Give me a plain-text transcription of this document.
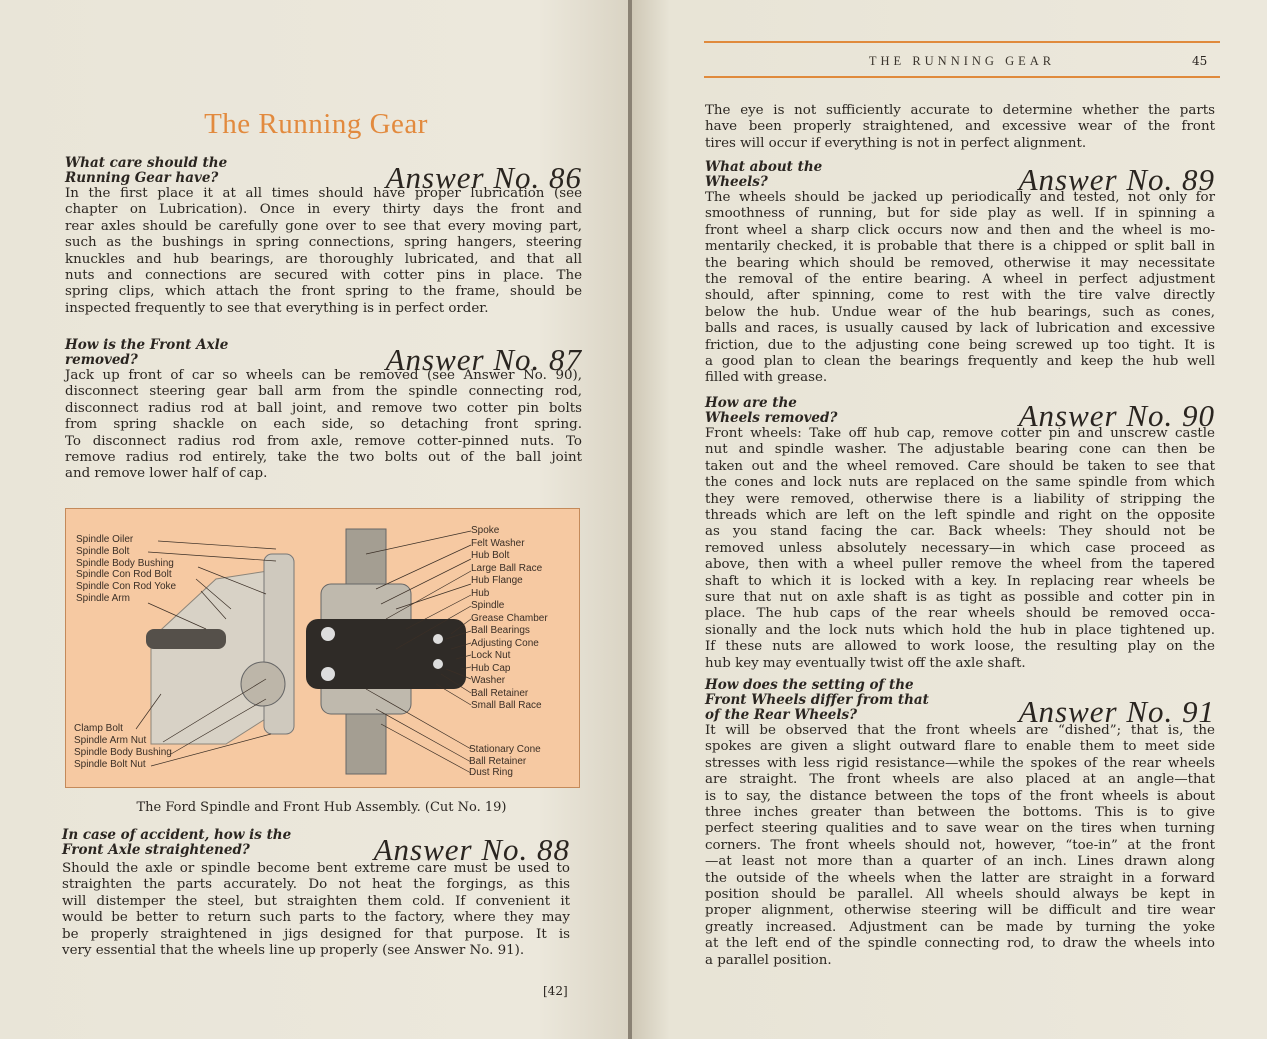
The Running Gear
What care should the
Running Gear have?	Answer No. 86
In the first place it at all times should have proper lubrication (see
chapter on Lubrication). Once in every thirty days the front and
rear axles should be carefully gone over to see that every moving part,
such as the bushings in spring connections, spring hangers, steering
knuckles and hub bearings, are thoroughly lubricated, and that all
nuts and connections are secured with cotter pins in place. The
spring clips, which attach the front spring to the frame, should be
inspected frequently to see that everything is in perfect order.
How is the Front Axle
removed?	Answer No. 87
Jack up front of car so wheels can be removed (see Answer No. 90),
disconnect steering gear ball arm from the spindle connecting rod,
disconnect radius rod at ball joint, and remove two cotter pin bolts
from spring shackle on each side, so detaching front spring.
To disconnect radius rod from axle, remove cotter-pinned nuts. To
remove radius rod entirely, take the two bolts out of the ball joint
and remove lower half of cap.
Spindle Oiler
Spindle Bolt
Spindle Body Bushing
Spindle Con Rod Bolt
Spindle Con Rod Yoke
Spindle Arm
Clamp Bolt
Spindle Arm Nut
Spindle Body Bushing
Spindle Bolt Nut
Spoke
Felt Washer
Hub Bolt
Large Ball Race
Hub Flange
Hub
Spindle
Grease Chamber
Ball Bearings
Adjusting Cone
Lock Nut
Hub Cap
Washer
Ball Retainer
Small Ball Race
Stationary Cone
Ball Retainer
Dust Ring
The Ford Spindle and Front Hub Assembly. (Cut No. 19)
In case of accident, how is the
Front Axle straightened?	Answer No. 88
Should the axle or spindle become bent extreme care must be used to
straighten the parts accurately. Do not heat the forgings, as this
will distemper the steel, but straighten them cold. If convenient it
would be better to return such parts to the factory, where they may
be properly straightened in jigs designed for that purpose. It is
very essential that the wheels line up properly (see Answer No. 91).
[42]
THE RUNNING GEAR	45
The eye is not sufficiently accurate to determine whether the parts
have been properly straightened, and excessive wear of the front
tires will occur if everything is not in perfect alignment.
What about the
Wheels?	Answer No. 89
The wheels should be jacked up periodically and tested, not only for
smoothness of running, but for side play as well. If in spinning a
front wheel a sharp click occurs now and then and the wheel is mo-
mentarily checked, it is probable that there is a chipped or split ball in
the bearing which should be removed, otherwise it may necessitate
the removal of the entire bearing. A wheel in perfect adjustment
should, after spinning, come to rest with the tire valve directly
below the hub. Undue wear of the hub bearings, such as cones,
balls and races, is usually caused by lack of lubrication and excessive
friction, due to the adjusting cone being screwed up too tight. It is
a good plan to clean the bearings frequently and keep the hub well
filled with grease.
How are the
Wheels removed?	Answer No. 90
Front wheels: Take off hub cap, remove cotter pin and unscrew castle
nut and spindle washer. The adjustable bearing cone can then be
taken out and the wheel removed. Care should be taken to see that
the cones and lock nuts are replaced on the same spindle from which
they were removed, otherwise there is a liability of stripping the
threads which are left on the left spindle and right on the opposite
as you stand facing the car. Back wheels: They should not be
removed unless absolutely necessary—in which case proceed as
above, then with a wheel puller remove the wheel from the tapered
shaft to which it is locked with a key. In replacing rear wheels be
sure that nut on axle shaft is as tight as possible and cotter pin in
place. The hub caps of the rear wheels should be removed occa-
sionally and the lock nuts which hold the hub in place tightened up.
If these nuts are allowed to work loose, the resulting play on the
hub key may eventually twist off the axle shaft.
How does the setting of the
Front Wheels differ from that
of the Rear Wheels?	Answer No. 91
It will be observed that the front wheels are “dished”; that is, the
spokes are given a slight outward flare to enable them to meet side
stresses with less rigid resistance—while the spokes of the rear wheels
are straight. The front wheels are also placed at an angle—that
is to say, the distance between the tops of the front wheels is about
three inches greater than between the bottoms. This is to give
perfect steering qualities and to save wear on the tires when turning
corners. The front wheels should not, however, “toe-in” at the front
—at least not more than a quarter of an inch. Lines drawn along
the outside of the wheels when the latter are straight in a forward
position should be parallel. All wheels should always be kept in
proper alignment, otherwise steering will be difficult and tire wear
greatly increased. Adjustment can be made by turning the yoke
at the left end of the spindle connecting rod, to draw the wheels into
a parallel position.
